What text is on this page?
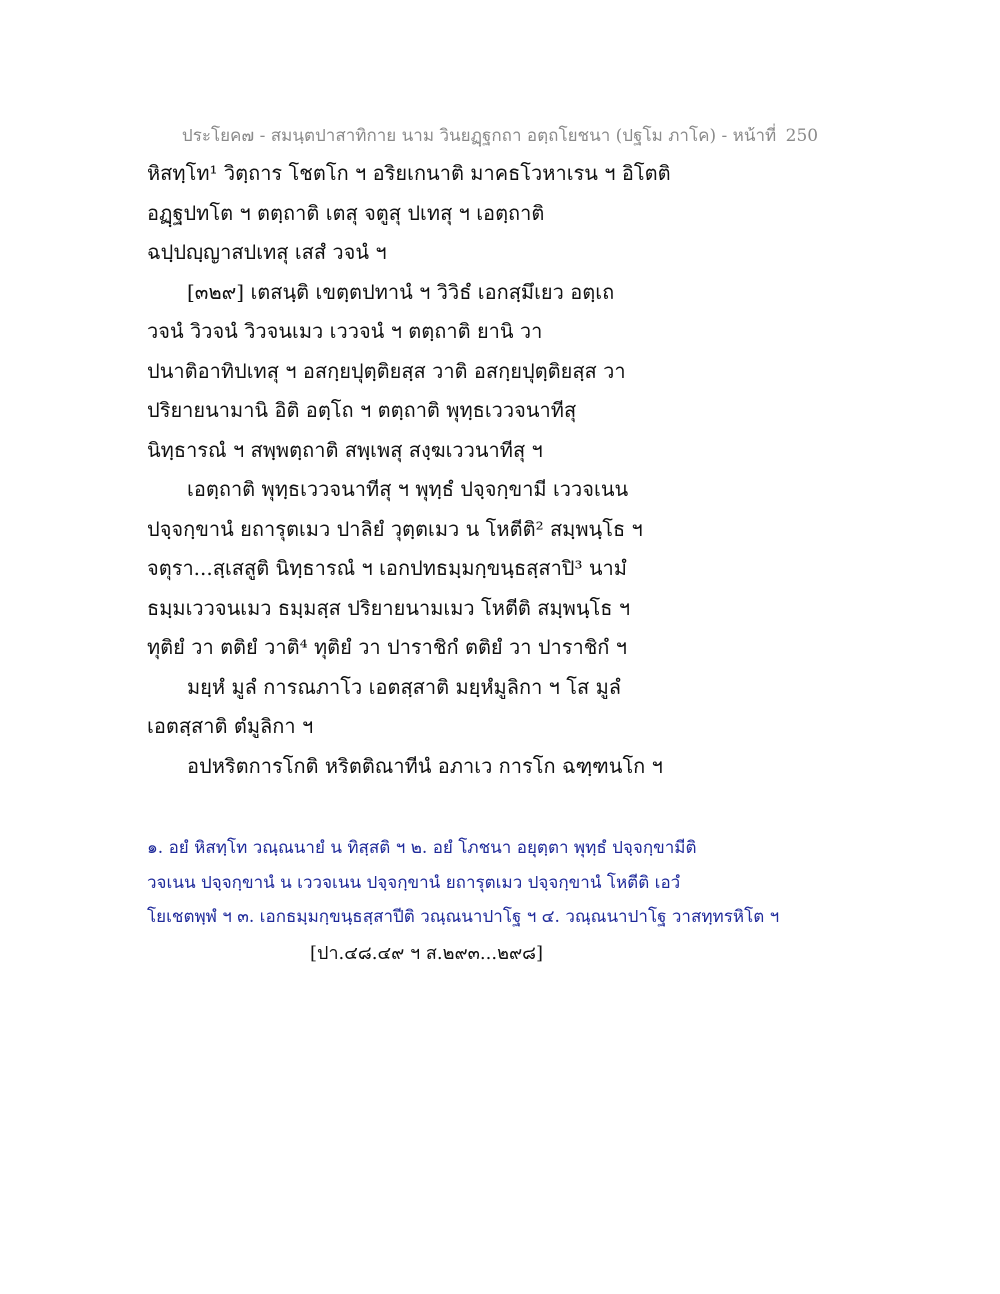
ประโยค๗ - สมนฺตปาสาทิกาย นาม วินยฏฺฐกถา อตฺถโยชนา (ปฐโม ภาโค) - หน้าที่ 250
หิสทฺโท¹ วิตฺถาร โชตโก ฯ อริยเกนาติ มาคธโวหาเรน ฯ อิโตติ
อฏฺฐปทโต ฯ ตตฺถาติ เตสุ จตูสุ ปเทสุ ฯ เอตฺถาติ
ฉปฺปญฺญาสปเทสุ เสสํ วจนํ ฯ
[๓๒๙] เตสนฺติ เขตฺตปทานํ ฯ วิวิธํ เอกสฺมึเยว อตฺเถ
วจนํ วิวจนํ วิวจนเมว เววจนํ ฯ ตตฺถาติ ยานิ วา
ปนาติอาทิปเทสุ ฯ อสกฺยปุตฺติยสฺส วาติ อสกฺยปุตฺติยสฺส วา
ปริยายนามานิ อิติ อตฺโถ ฯ ตตฺถาติ พุทฺธเววจนาทีสุ
นิทฺธารณํ ฯ สพฺพตฺถาติ สพฺเพสุ สงฺฆเววนาทีสุ ฯ
เอตฺถาติ พุทฺธเววจนาทีสุ ฯ พุทฺธํ ปจฺจกฺขามี เววจเนน
ปจฺจกฺขานํ ยถารุตเมว ปาลิยํ วุตฺตเมว น โหตีติ² สมฺพนฺโธ ฯ
จตุรา...สฺเสสูติ นิทฺธารณํ ฯ เอกปทธมฺมกฺขนฺธสฺสาปิ³ นามํ
ธมฺมเววจนเมว ธมฺมสฺส ปริยายนามเมว โหตีติ สมฺพนฺโธ ฯ
ทุติยํ วา ตติยํ วาติ⁴ ทุติยํ วา ปาราชิกํ ตติยํ วา ปาราชิกํ ฯ
มยฺหํ มูลํ การณภาโว เอตสฺสาติ มยฺหํมูลิกา ฯ โส มูลํ
เอตสฺสาติ ตํมูลิกา ฯ
อปหริตการโกติ หริตติณาทีนํ อภาเว การโก ฉฑฺฑนโก ฯ
๑. อยํ หิสทฺโท วณฺณนายํ น ทิสฺสติ ฯ ๒. อยํ โภชนา อยุตฺตา พุทฺธํ ปจฺจกฺขามีติ
วจเนน ปจฺจกฺขานํ น เววจเนน ปจฺจกฺขานํ ยถารุตเมว ปจฺจกฺขานํ โหตีติ เอวํ
โยเชตพฺพํ ฯ ๓. เอกธมฺมกฺขนฺธสฺสาปีติ วณฺณนาปาโฐ ฯ ๔. วณฺณนาปาโฐ วาสทฺทรหิโต ฯ
[ปา.๔๘.๔๙ ฯ ส.๒๙๓...๒๙๘]
